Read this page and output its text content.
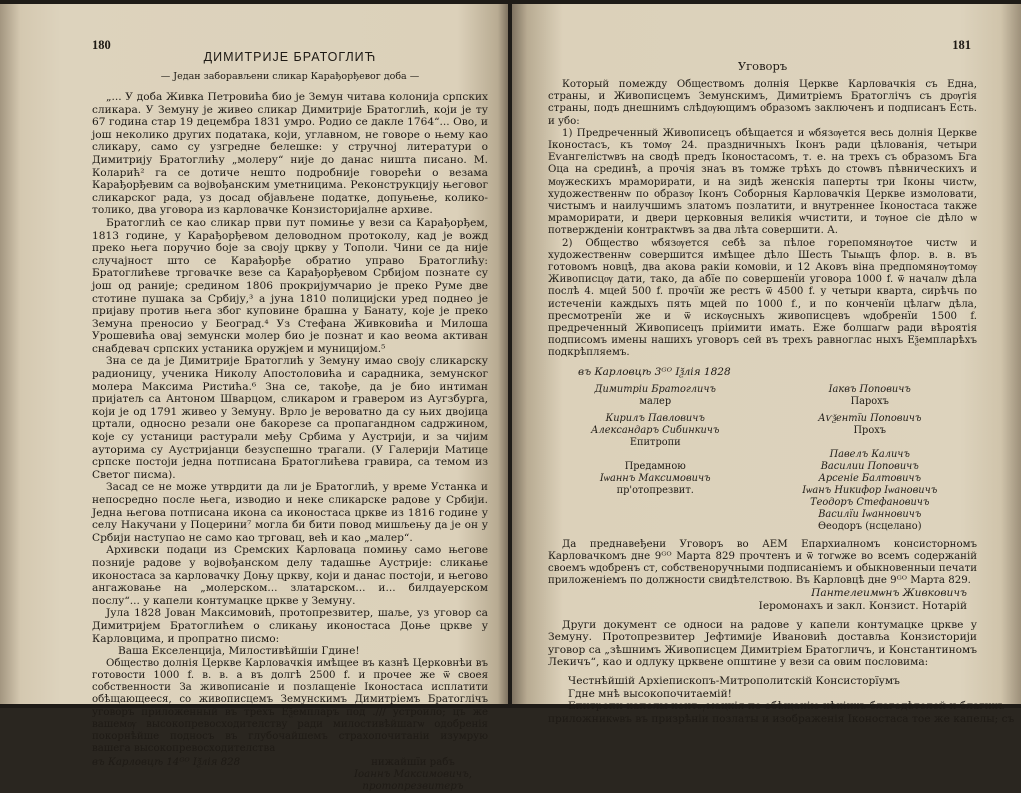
180
ДИМИТРИЈЕ БРАТОГЛИЋ
— Један заборављени сликар Карађорђевог доба —

„... У доба Живка Петровића био је Земун читава колонија српских сликара. У Земуну је живео сликар Димитрије Братоглић, који је ту 67 година стар 19 децембра 1831 умро. Родио се дакле 1764“... Ово, и још неколико других података, који, углавном, не говоре о њему као сликару, само су узгредне белешке: у стручној литератури о Димитрију Братоглићу „молеру“ није до данас ништа писано. М. Коларић² га се дотиче нешто подробније говорећи о везама Карађорђевим са војвођанским уметницима. Реконструкцију његовог сликарског рада, уз досад објављене податке, допуњење, колико-толико, два уговора из карловачке Конзисторијалне архиве.

Братоглић се као сликар први пут помиње у вези са Карађорђем, 1813 године, у Карађорђевом деловодном протоколу, кад је вожд преко њега поручио бoje за своју цркву у Тополи. Чини се да није случајност што се Карађорђе обратио управо Братоглићу: Братоглићеве трговачке везе са Карађорђевом Србијом познате су још од раније; средином 1806 прокријумчарио је преко Руме две стотине пушака за Србију,³ а јуна 1810 полицијски уред поднео је пријаву против њега због куповине брашна у Банату, које је преко Земуна преносио у Београд.⁴ Уз Стефана Живковића и Милоша Урошевића овај земунски молер био је познат и као веома активан снабдевач српских устаника оружјем и муницијом.⁵

Зна се да је Димитрије Братоглић у Земуну имао своју сликарску радионицу, ученика Николу Апостоловића и сарадника, земунског молера Максима Ристића.⁶ Зна се, такође, да је био интиман пријатељ са Антоном Шварцом, сликаром и гравером из Аугзбурга, који је од 1791 живео у Земуну. Врло је вероватно да су њих двојица цртали, односно резали оне бакорезе са пропагандном садржином, које су устаници растурали међу Србима у Аустрији, и за чијим ауторима су Аустријанци безуспешно трагали. (У Галерији Матице српске постоји једна потписана Братоглићева гравира, са темом из Светог писма).

Засад се не може утврдити да ли је Братоглић, у време Устанка и непосредно после њега, изводио и неке сликарске радове у Србији. Једна његова потписана икона са иконостаса цркве из 1816 године у селу Накучани у Поцерини⁷ могла би бити повод мишљењу да је он у Србији наступао не само као трговац, већ и као „малер“.

Архивски подаци из Сремских Карловаца помињу само његове позније радове у војвођанском делу тадашње Аустрије: сликање иконостаса за карловачку Доњу цркву, који и данас постоји, и његово ангажовање на „молерском... златарском... и... билдауерском послу“... у капели контумацке цркве у Земуну.

Јула 1828 Јован Максимовић, протопрезвитер, шаље, уз уговор са Димитријем Братоглићем о сликању иконостаса Доње цркве у Карловцима, и пропратно писмо:

Ваша Екселенција, Милостивѣйшіи Гдине!

Общество долнія Церкве Карловачкія имѣщее въ казнѣ Церковнѣи въ готовости 1000 f. в. в. а въ долгѣ 2500 f. и прочее же ѿ своея собственности За живописаніе и позлащеніе Іконостаса исплатити обѣщающееся, со живописцемъ Земунскимъ Димитріемъ Братоглічъ уговоръ приложенный въ трехъ Еѯемпларъ под ./// устроило; цъ же вашемѹ высокопревосходителству ради милостивѣйшагѡ одобренія покорнѣйше подносъ въ глубочайшемъ страхопочитаніи изумрую вашега высокопревосходителства

въ Карловцѣ 14ᴳᴼ Іѯлія 828	нижайшїи рабъ
Іоаннъ Максимовичъ, протопрезвитеръ
181
Уговоръ

Который помежду Обществомъ долнія Церкве Карловачкія съ Една, страны, и Живописцемъ Земунскимъ, Димитріемъ Братоглічъ съ дрѹгія страны, подъ днешнимъ слѣдѹющимъ образомъ заключенъ и подписанъ Есть. и убо:

1) Предреченный Живописецъ обѣщается и ѡбязѹется весь долнія Церкве Іконостасъ, къ томѹ 24. праздничныхъ Іконъ ради цѣлованія, четыри Еѵангелістѡвъ на сводѣ предъ Іконостасомъ, т. е. на трехъ съ образомъ Бга Оца на срединѣ, а прочія знаъ въ томже трѣхъ до стоѡвъ пѣвническихъ и мѹжескихъ мраморирати, и на зидѣ женскія паперты три Іконы чистѡ, художественнѡ по образѹ Іконъ Соборныя Карловачкія Церкве измоловати, чистымъ и наилучшимъ златомъ позлатити, и внутреннее Іконостаса также мраморирати, и двери церковныя великія ѡчистити, и тѹное сіе дѣло ѡ потвержденіи контрактѡвъ за два лѣта совершити. А.

2) Общество ѡбязѹется себѣ за пѣлое горепомянѹтое чистѡ и художественнѡ совершится имѣщее дѣло Шесть Тыѩщъ флор. в. в. въ готовомъ новцѣ, два акова ракіи комовіи, и 12 Аковъ віна предпомянѹтомѹ Живописцѹ дати, тако, да абїе по совершенїи уговора 1000 f. ѿ началѡ дѣла послѣ 4. мцей 500 f. прочїи же рестъ ѿ 4500 f. у четыри кварта, сирѣчь по истеченіи каждыхъ пять мцей по 1000 f., и по конченїи цѣлагѡ дѣла, пресмотренїи же и ѿ искѹсныхъ живописцевъ ѡдобренїи 1500 f. предреченный Живописецъ пріимити имать. Еже болшагѡ ради вѣроятія подписомъ имены нашихъ уговоръ сей въ трехъ равноглас ныхъ Еѯемпларѣхъ подкрѣпляемъ.

въ Карловцѣ 3ᴳᴼ Іѯлія 1828
Димитріи Братогличъ	Іаквъ Поповичъ
малер	Парохъ
Кирилъ Павловичъ	Аѵѯентїи Поповичъ
Александаръ Сибинкичъ	Прохъ
Епитропи
Павелъ Каличъ
Предамною	Василии Поповичъ
Іѡаннъ Максимовичъ	Арсеніе Балтовичъ
пр'отопрезвит.	Іѡанъ Никифор Іѡановичъ
Теодоръ Стефановичъ
Василїи Іѡанновичъ
Ѳеодоръ (нсцелано)

Да преднавеђени Уговоръ во АЕМ Епархиалномъ консисторномъ Карловачкомъ дне 9ᴳᴼ Марта 829 прочтенъ и ѿ тогѡже во всемъ содержаній своемъ ѡдобренъ ст, собственоручными подписаніемъ и обыкновенныи печати приложеніемъ по должности свидѣтелствою. Въ Карловцѣ дне 9ᴳᴼ Марта 829.

Пантелеимѡнъ Живковичъ
Іеромонахъ и закл. Конзист. Нотарій

Други документ се односи на радове у капели контумацке цркве у Земуну. Протопрезвитер Јефтимије Ивановић доставља Конзисторији уговор са „зѣшнимъ Живописцем Димитріем Братогличъ, и Константиномъ Лекичъ“, као и одлуку црквене општине у вези са овим пословима:

Честнѣйшій Архіепископъ-Митрополитскій Консисторїумъ
Гдне мнѣ высокопочитаемій!
Епитропи капелы контѹмацкія по обѣщанію нѣкіихъ благодѣтелей и благихъ
приложникѡвъ въ призрѣніи позлаты и изображенія Іконостаса тое же капелы; съ
